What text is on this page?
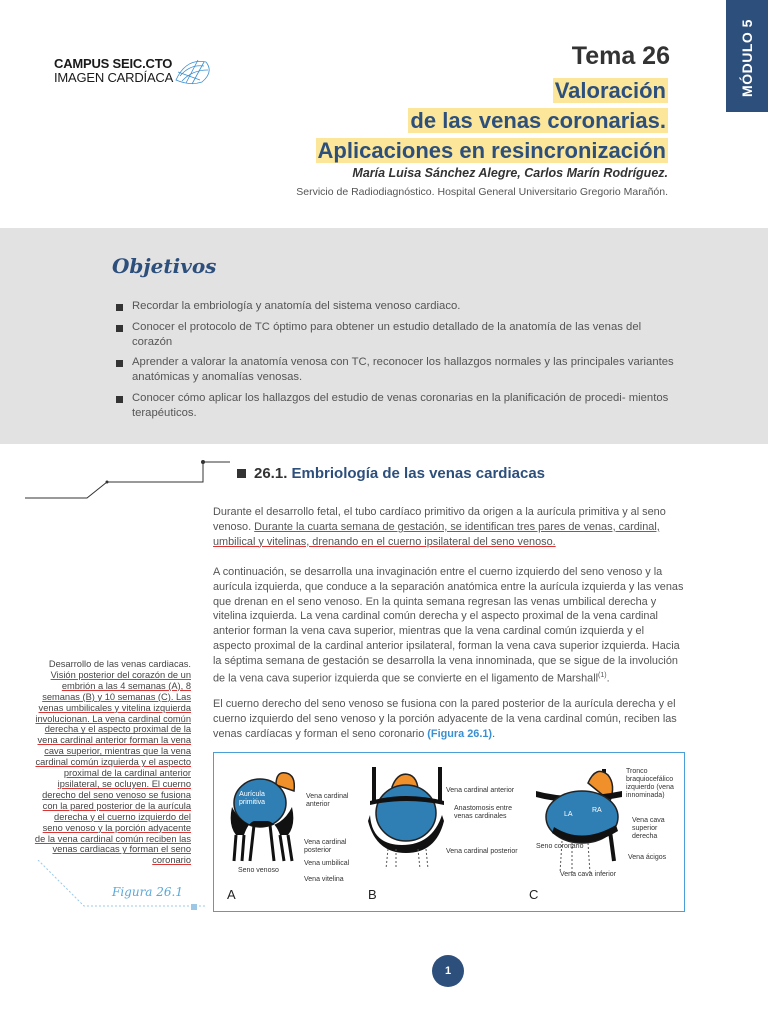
MÓDULO 5
CAMPUS SEIC.CTO
IMAGEN CARDÍACA
Tema 26
Valoración
de las venas coronarias.
Aplicaciones en resincronización
María Luisa Sánchez Alegre, Carlos Marín Rodríguez.
Servicio de Radiodiagnóstico. Hospital General Universitario Gregorio Marañón.
Objetivos
Recordar la embriología y anatomía del sistema venoso cardiaco.
Conocer el protocolo de TC óptimo para obtener un estudio detallado de la anatomía de las venas del corazón
Aprender a valorar la anatomía venosa con TC, reconocer los hallazgos normales y las principales variantes anatómicas y anomalías venosas.
Conocer cómo aplicar los hallazgos del estudio de venas coronarias en la planificación de procedi- mientos terapéuticos.
26.1. Embriología de las venas cardiacas

Durante el desarrollo fetal, el tubo cardíaco primitivo da origen a la aurícula primitiva y al seno venoso. Durante la cuarta semana de gestación, se identifican tres pares de venas, cardinal, umbilical y vitelinas, drenando en el cuerno ipsilateral del seno venoso.

A continuación, se desarrolla una invaginación entre el cuerno izquierdo del seno venoso y la aurícula izquierda, que conduce a la separación anatómica entre la aurícula izquierda y las venas que drenan en el seno venoso. En la quinta semana regresan las venas umbilical derecha y vitelina izquierda. La vena cardinal común derecha y el aspecto proximal de la vena cardinal anterior forman la vena cava superior, mientras que la vena cardinal común izquierda y el aspecto proximal de la cardinal anterior ipsilateral, forman la vena cava superior izquierda. Hacia la séptima semana de gestación se desarrolla la vena innominada, que se sigue de la involución de la vena cava superior izquierda que se convierte en el ligamento de Marshall$^{(1)}$.

El cuerno derecho del seno venoso se fusiona con la pared posterior de la aurícula derecha y el cuerno izquierdo del seno venoso y la porción adyacente de la vena cardinal común, reciben las venas cardíacas y forman el seno coronario (Figura 26.1).

Desarrollo de las venas cardiacas. Visión posterior del corazón de un embrión a las 4 semanas (A), 8 semanas (B) y 10 semanas (C). Las venas umbilicales y vitelina izquierda involucionan. La vena cardinal común derecha y el aspecto proximal de la vena cardinal anterior forman la vena cava superior, mientras que la vena cardinal común izquierda y el aspecto proximal de la cardinal anterior ipsilateral, se ocluyen. El cuerno derecho del seno venoso se fusiona con la pared posterior de la aurícula derecha y el cuerno izquierdo del seno venoso y la porción adyacente de la vena cardinal común reciben las venas cardiacas y forman el seno coronario

Figura 26.1
Aurícula primitiva
Vena cardinal anterior
Vena cardinal posterior
Vena umbilical
Seno venoso
Vena vitelina
A
Vena cardinal anterior
Anastomosis entre venas cardinales
Vena cardinal posterior
B
Tronco braquiocefálico izquierdo (vena innominada)
LA
RA
Vena cava superior derecha
Seno coronario
Vena ácigos
Vena cava inferior
C
1
